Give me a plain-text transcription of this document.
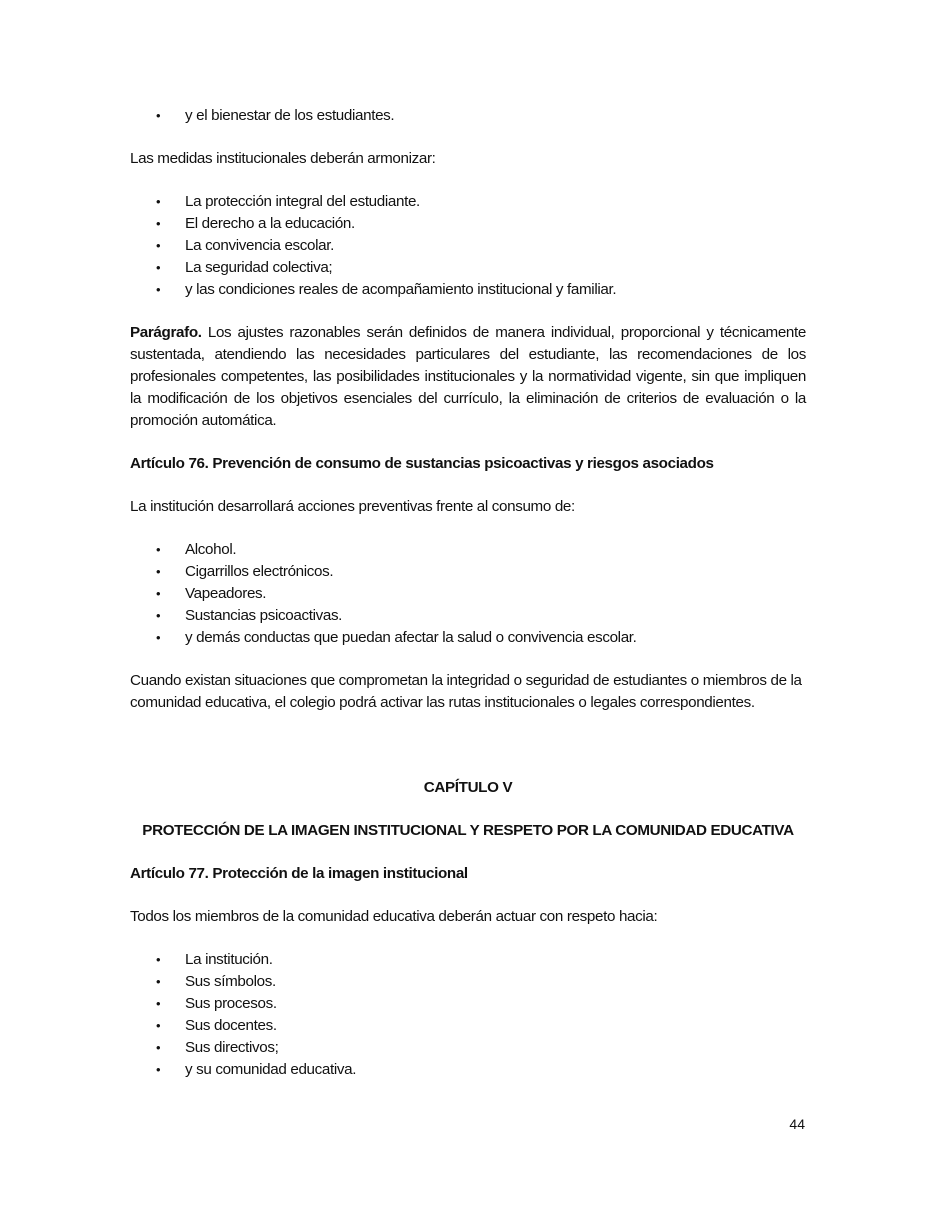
• y el bienestar de los estudiantes.

Las medidas institucionales deberán armonizar:

• La protección integral del estudiante.
• El derecho a la educación.
• La convivencia escolar.
• La seguridad colectiva;
• y las condiciones reales de acompañamiento institucional y familiar.

Parágrafo. Los ajustes razonables serán definidos de manera individual, proporcional y técnicamente sustentada, atendiendo las necesidades particulares del estudiante, las recomendaciones de los profesionales competentes, las posibilidades institucionales y la normatividad vigente, sin que impliquen la modificación de los objetivos esenciales del currículo, la eliminación de criterios de evaluación o la promoción automática.

Artículo 76. Prevención de consumo de sustancias psicoactivas y riesgos asociados

La institución desarrollará acciones preventivas frente al consumo de:

• Alcohol.
• Cigarrillos electrónicos.
• Vapeadores.
• Sustancias psicoactivas.
• y demás conductas que puedan afectar la salud o convivencia escolar.

Cuando existan situaciones que comprometan la integridad o seguridad de estudiantes o miembros de la comunidad educativa, el colegio podrá activar las rutas institucionales o legales correspondientes.

CAPÍTULO V

PROTECCIÓN DE LA IMAGEN INSTITUCIONAL Y RESPETO POR LA COMUNIDAD EDUCATIVA

Artículo 77. Protección de la imagen institucional

Todos los miembros de la comunidad educativa deberán actuar con respeto hacia:

• La institución.
• Sus símbolos.
• Sus procesos.
• Sus docentes.
• Sus directivos;
• y su comunidad educativa.
44
